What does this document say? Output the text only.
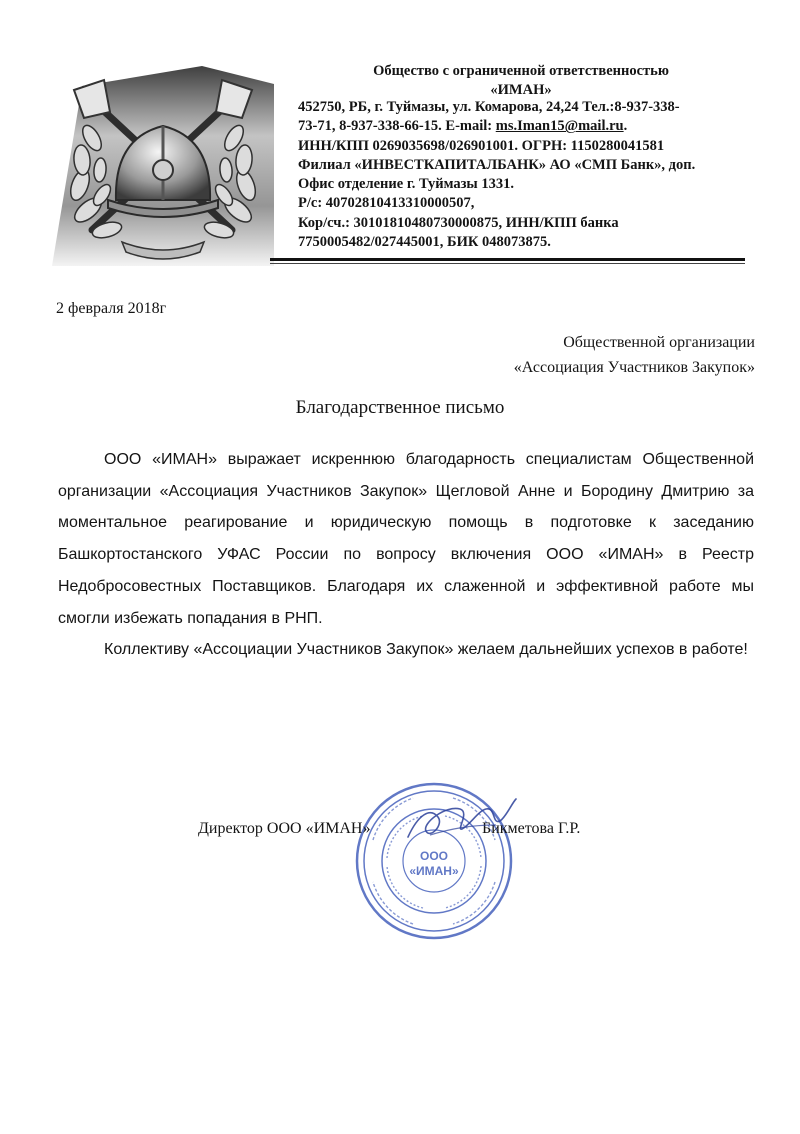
Общество с ограниченной ответственностью
«ИМАН»
452750, РБ, г. Туймазы, ул. Комарова, 24,24 Тел.:8-937-338-
73-71, 8-937-338-66-15. E-mail: ms.Iman15@mail.ru.
ИНН/КПП 0269035698/026901001. ОГРН: 1150280041581
Филиал «ИНВЕСТКАПИТАЛБАНК» АО «СМП Банк», доп.
Офис отделение г. Туймазы 1331.
Р/с: 40702810413310000507,
Кор/сч.: 30101810480730000875, ИНН/КПП банка
7750005482/027445001, БИК 048073875.
2 февраля 2018г
Общественной организации
«Ассоциация Участников Закупок»
Благодарственное письмо

ООО «ИМАН» выражает искреннюю благодарность специалистам Общественной организации «Ассоциация Участников Закупок» Щегловой Анне и Бородину Дмитрию за моментальное реагирование и юридическую помощь в подготовке к заседанию Башкортостанского УФАС России по вопросу включения ООО «ИМАН» в Реестр Недобросовестных Поставщиков. Благодаря их слаженной и эффективной работе мы смогли избежать попадания в РНП.

Коллективу «Ассоциации Участников Закупок» желаем дальнейших успехов в работе!

ООО
«ИМАН»
Директор ООО «ИМАН»	Бикметова Г.Р.
